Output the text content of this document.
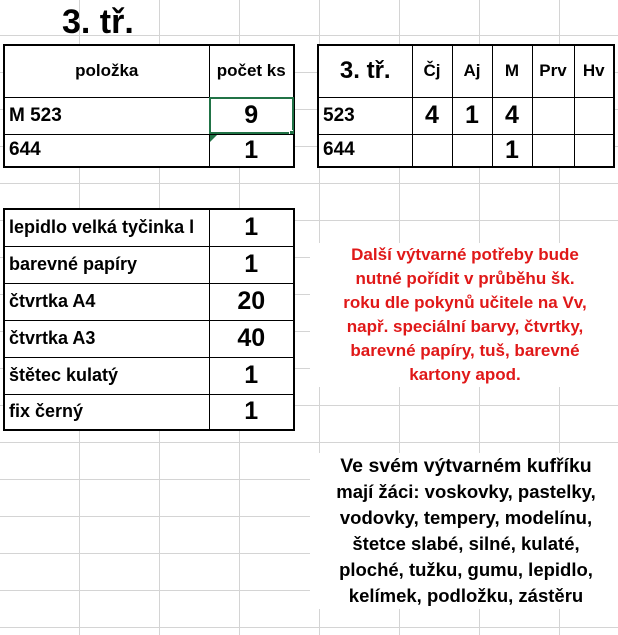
3. tř.
položka	počet ks
M 523	9

644	1
3. tř.	Čj	Aj	M	Prv	Hv
523	4	1	4		
644			1		
lepidlo velká tyčinka l	1
barevné papíry	1
čtvrtka A4	20
čtvrtka A3	40
štětec kulatý	1
fix černý	1
Další výtvarné potřeby bude
nutné pořídit v průběhu šk.
roku dle pokynů učitele na Vv,
např. speciální barvy, čtvrtky,
barevné papíry, tuš, barevné
kartony apod.
Ve svém výtvarném kufříku
mají žáci: voskovky, pastelky,
vodovky, tempery, modelínu,
štetce slabé, silné, kulaté,
ploché, tužku, gumu, lepidlo,
kelímek, podložku, zástěru
